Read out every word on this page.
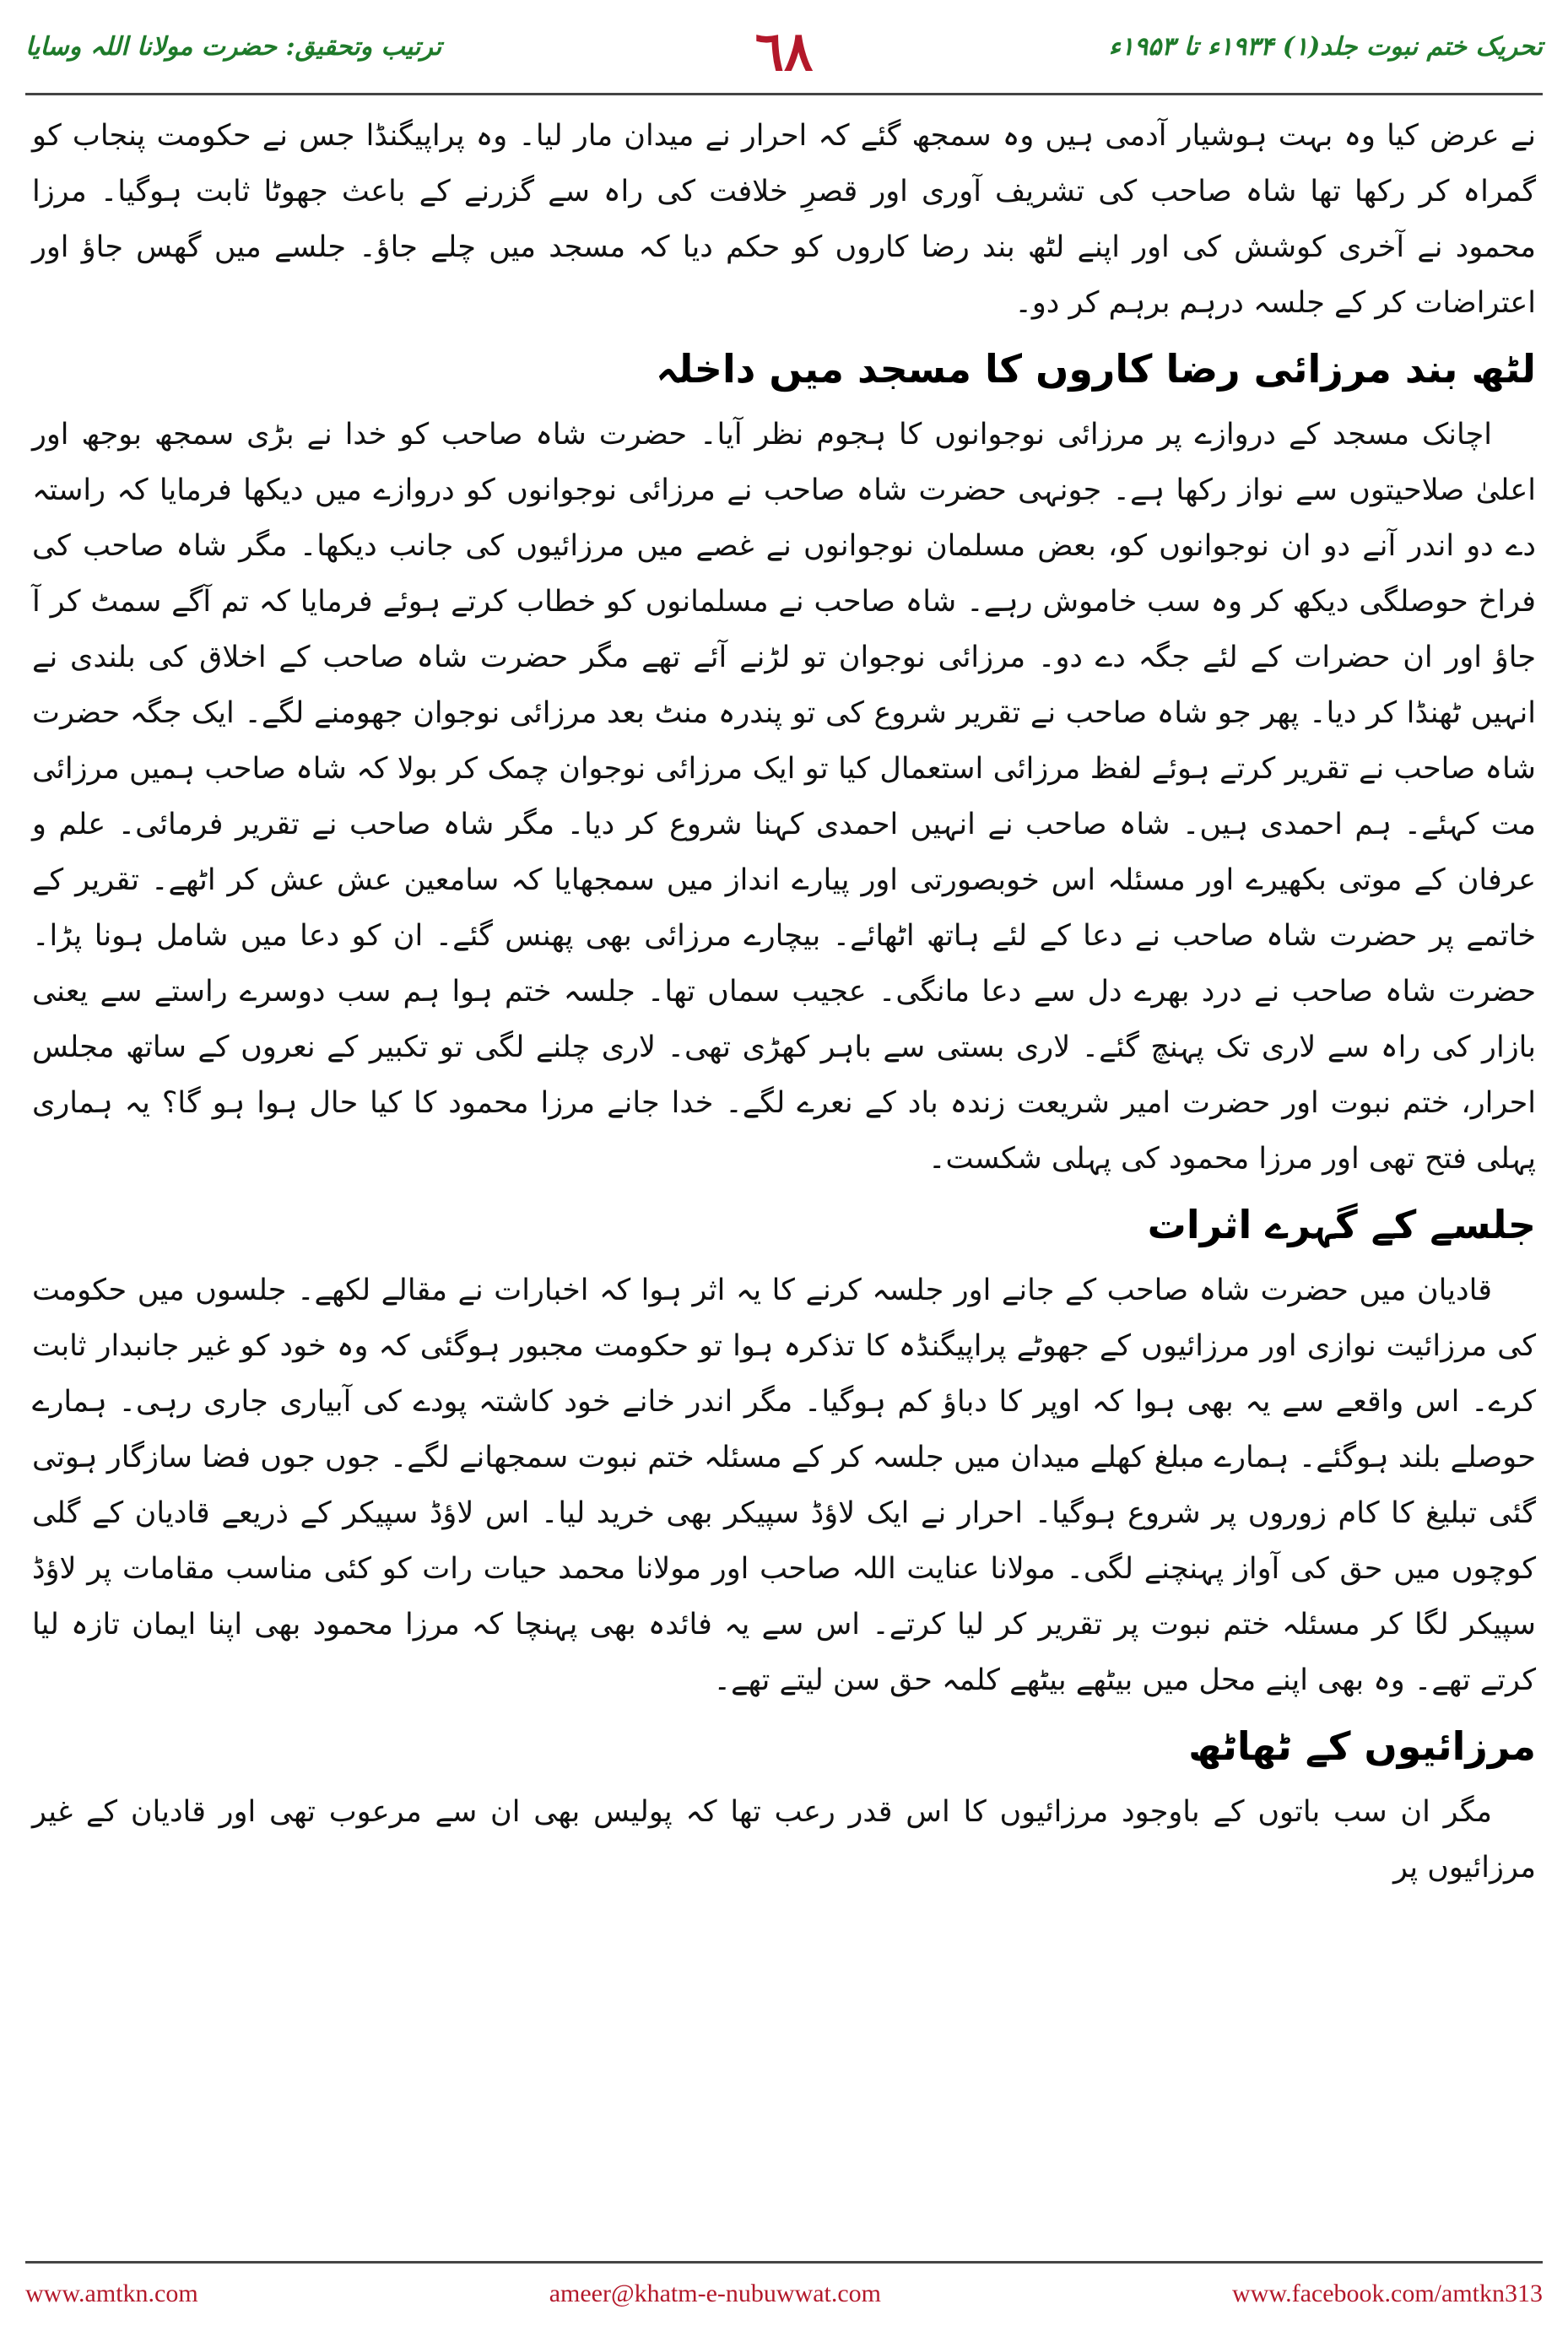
تحریک ختم نبوت جلد(۱) ۱۹۳۴ء تا ۱۹۵۳ء
٦٨
ترتیب وتحقیق: حضرت مولانا اللہ وسایا

نے عرض کیا وہ بہت ہوشیار آدمی ہیں وہ سمجھ گئے کہ احرار نے میدان مار لیا۔ وہ پراپیگنڈا جس نے حکومت پنجاب کو گمراہ کر رکھا تھا شاہ صاحب کی تشریف آوری اور قصرِ خلافت کی راہ سے گزرنے کے باعث جھوٹا ثابت ہوگیا۔ مرزا محمود نے آخری کوشش کی اور اپنے لٹھ بند رضا کاروں کو حکم دیا کہ مسجد میں چلے جاؤ۔ جلسے میں گھس جاؤ اور اعتراضات کر کے جلسہ درہم برہم کر دو۔

لٹھ بند مرزائی رضا کاروں کا مسجد میں داخلہ

اچانک مسجد کے دروازے پر مرزائی نوجوانوں کا ہجوم نظر آیا۔ حضرت شاہ صاحب کو خدا نے بڑی سمجھ بوجھ اور اعلیٰ صلاحیتوں سے نواز رکھا ہے۔ جونہی حضرت شاہ صاحب نے مرزائی نوجوانوں کو دروازے میں دیکھا فرمایا کہ راستہ دے دو اندر آنے دو ان نوجوانوں کو، بعض مسلمان نوجوانوں نے غصے میں مرزائیوں کی جانب دیکھا۔ مگر شاہ صاحب کی فراخ حوصلگی دیکھ کر وہ سب خاموش رہے۔ شاہ صاحب نے مسلمانوں کو خطاب کرتے ہوئے فرمایا کہ تم آگے سمٹ کر آ جاؤ اور ان حضرات کے لئے جگہ دے دو۔ مرزائی نوجوان تو لڑنے آئے تھے مگر حضرت شاہ صاحب کے اخلاق کی بلندی نے انہیں ٹھنڈا کر دیا۔ پھر جو شاہ صاحب نے تقریر شروع کی تو پندرہ منٹ بعد مرزائی نوجوان جھومنے لگے۔ ایک جگہ حضرت شاہ صاحب نے تقریر کرتے ہوئے لفظ مرزائی استعمال کیا تو ایک مرزائی نوجوان چمک کر بولا کہ شاہ صاحب ہمیں مرزائی مت کہئے۔ ہم احمدی ہیں۔ شاہ صاحب نے انہیں احمدی کہنا شروع کر دیا۔ مگر شاہ صاحب نے تقریر فرمائی۔ علم و عرفان کے موتی بکھیرے اور مسئلہ اس خوبصورتی اور پیارے انداز میں سمجھایا کہ سامعین عش عش کر اٹھے۔ تقریر کے خاتمے پر حضرت شاہ صاحب نے دعا کے لئے ہاتھ اٹھائے۔ بیچارے مرزائی بھی پھنس گئے۔ ان کو دعا میں شامل ہونا پڑا۔ حضرت شاہ صاحب نے درد بھرے دل سے دعا مانگی۔ عجیب سماں تھا۔ جلسہ ختم ہوا ہم سب دوسرے راستے سے یعنی بازار کی راہ سے لاری تک پہنچ گئے۔ لاری بستی سے باہر کھڑی تھی۔ لاری چلنے لگی تو تکبیر کے نعروں کے ساتھ مجلس احرار، ختم نبوت اور حضرت امیر شریعت زندہ باد کے نعرے لگے۔ خدا جانے مرزا محمود کا کیا حال ہوا ہو گا؟ یہ ہماری پہلی فتح تھی اور مرزا محمود کی پہلی شکست۔

جلسے کے گہرے اثرات

قادیان میں حضرت شاہ صاحب کے جانے اور جلسہ کرنے کا یہ اثر ہوا کہ اخبارات نے مقالے لکھے۔ جلسوں میں حکومت کی مرزائیت نوازی اور مرزائیوں کے جھوٹے پراپیگنڈہ کا تذکرہ ہوا تو حکومت مجبور ہوگئی کہ وہ خود کو غیر جانبدار ثابت کرے۔ اس واقعے سے یہ بھی ہوا کہ اوپر کا دباؤ کم ہوگیا۔ مگر اندر خانے خود کاشتہ پودے کی آبیاری جاری رہی۔ ہمارے حوصلے بلند ہوگئے۔ ہمارے مبلغ کھلے میدان میں جلسہ کر کے مسئلہ ختم نبوت سمجھانے لگے۔ جوں جوں فضا سازگار ہوتی گئی تبلیغ کا کام زوروں پر شروع ہوگیا۔ احرار نے ایک لاؤڈ سپیکر بھی خرید لیا۔ اس لاؤڈ سپیکر کے ذریعے قادیان کے گلی کوچوں میں حق کی آواز پہنچنے لگی۔ مولانا عنایت اللہ صاحب اور مولانا محمد حیات رات کو کئی مناسب مقامات پر لاؤڈ سپیکر لگا کر مسئلہ ختم نبوت پر تقریر کر لیا کرتے۔ اس سے یہ فائدہ بھی پہنچا کہ مرزا محمود بھی اپنا ایمان تازہ لیا کرتے تھے۔ وہ بھی اپنے محل میں بیٹھے بیٹھے کلمہ حق سن لیتے تھے۔

مرزائیوں کے ٹھاٹھ

مگر ان سب باتوں کے باوجود مرزائیوں کا اس قدر رعب تھا کہ پولیس بھی ان سے مرعوب تھی اور قادیان کے غیر مرزائیوں پر

www.amtkn.com	ameer@khatm-e-nubuwwat.com	www.facebook.com/amtkn313
